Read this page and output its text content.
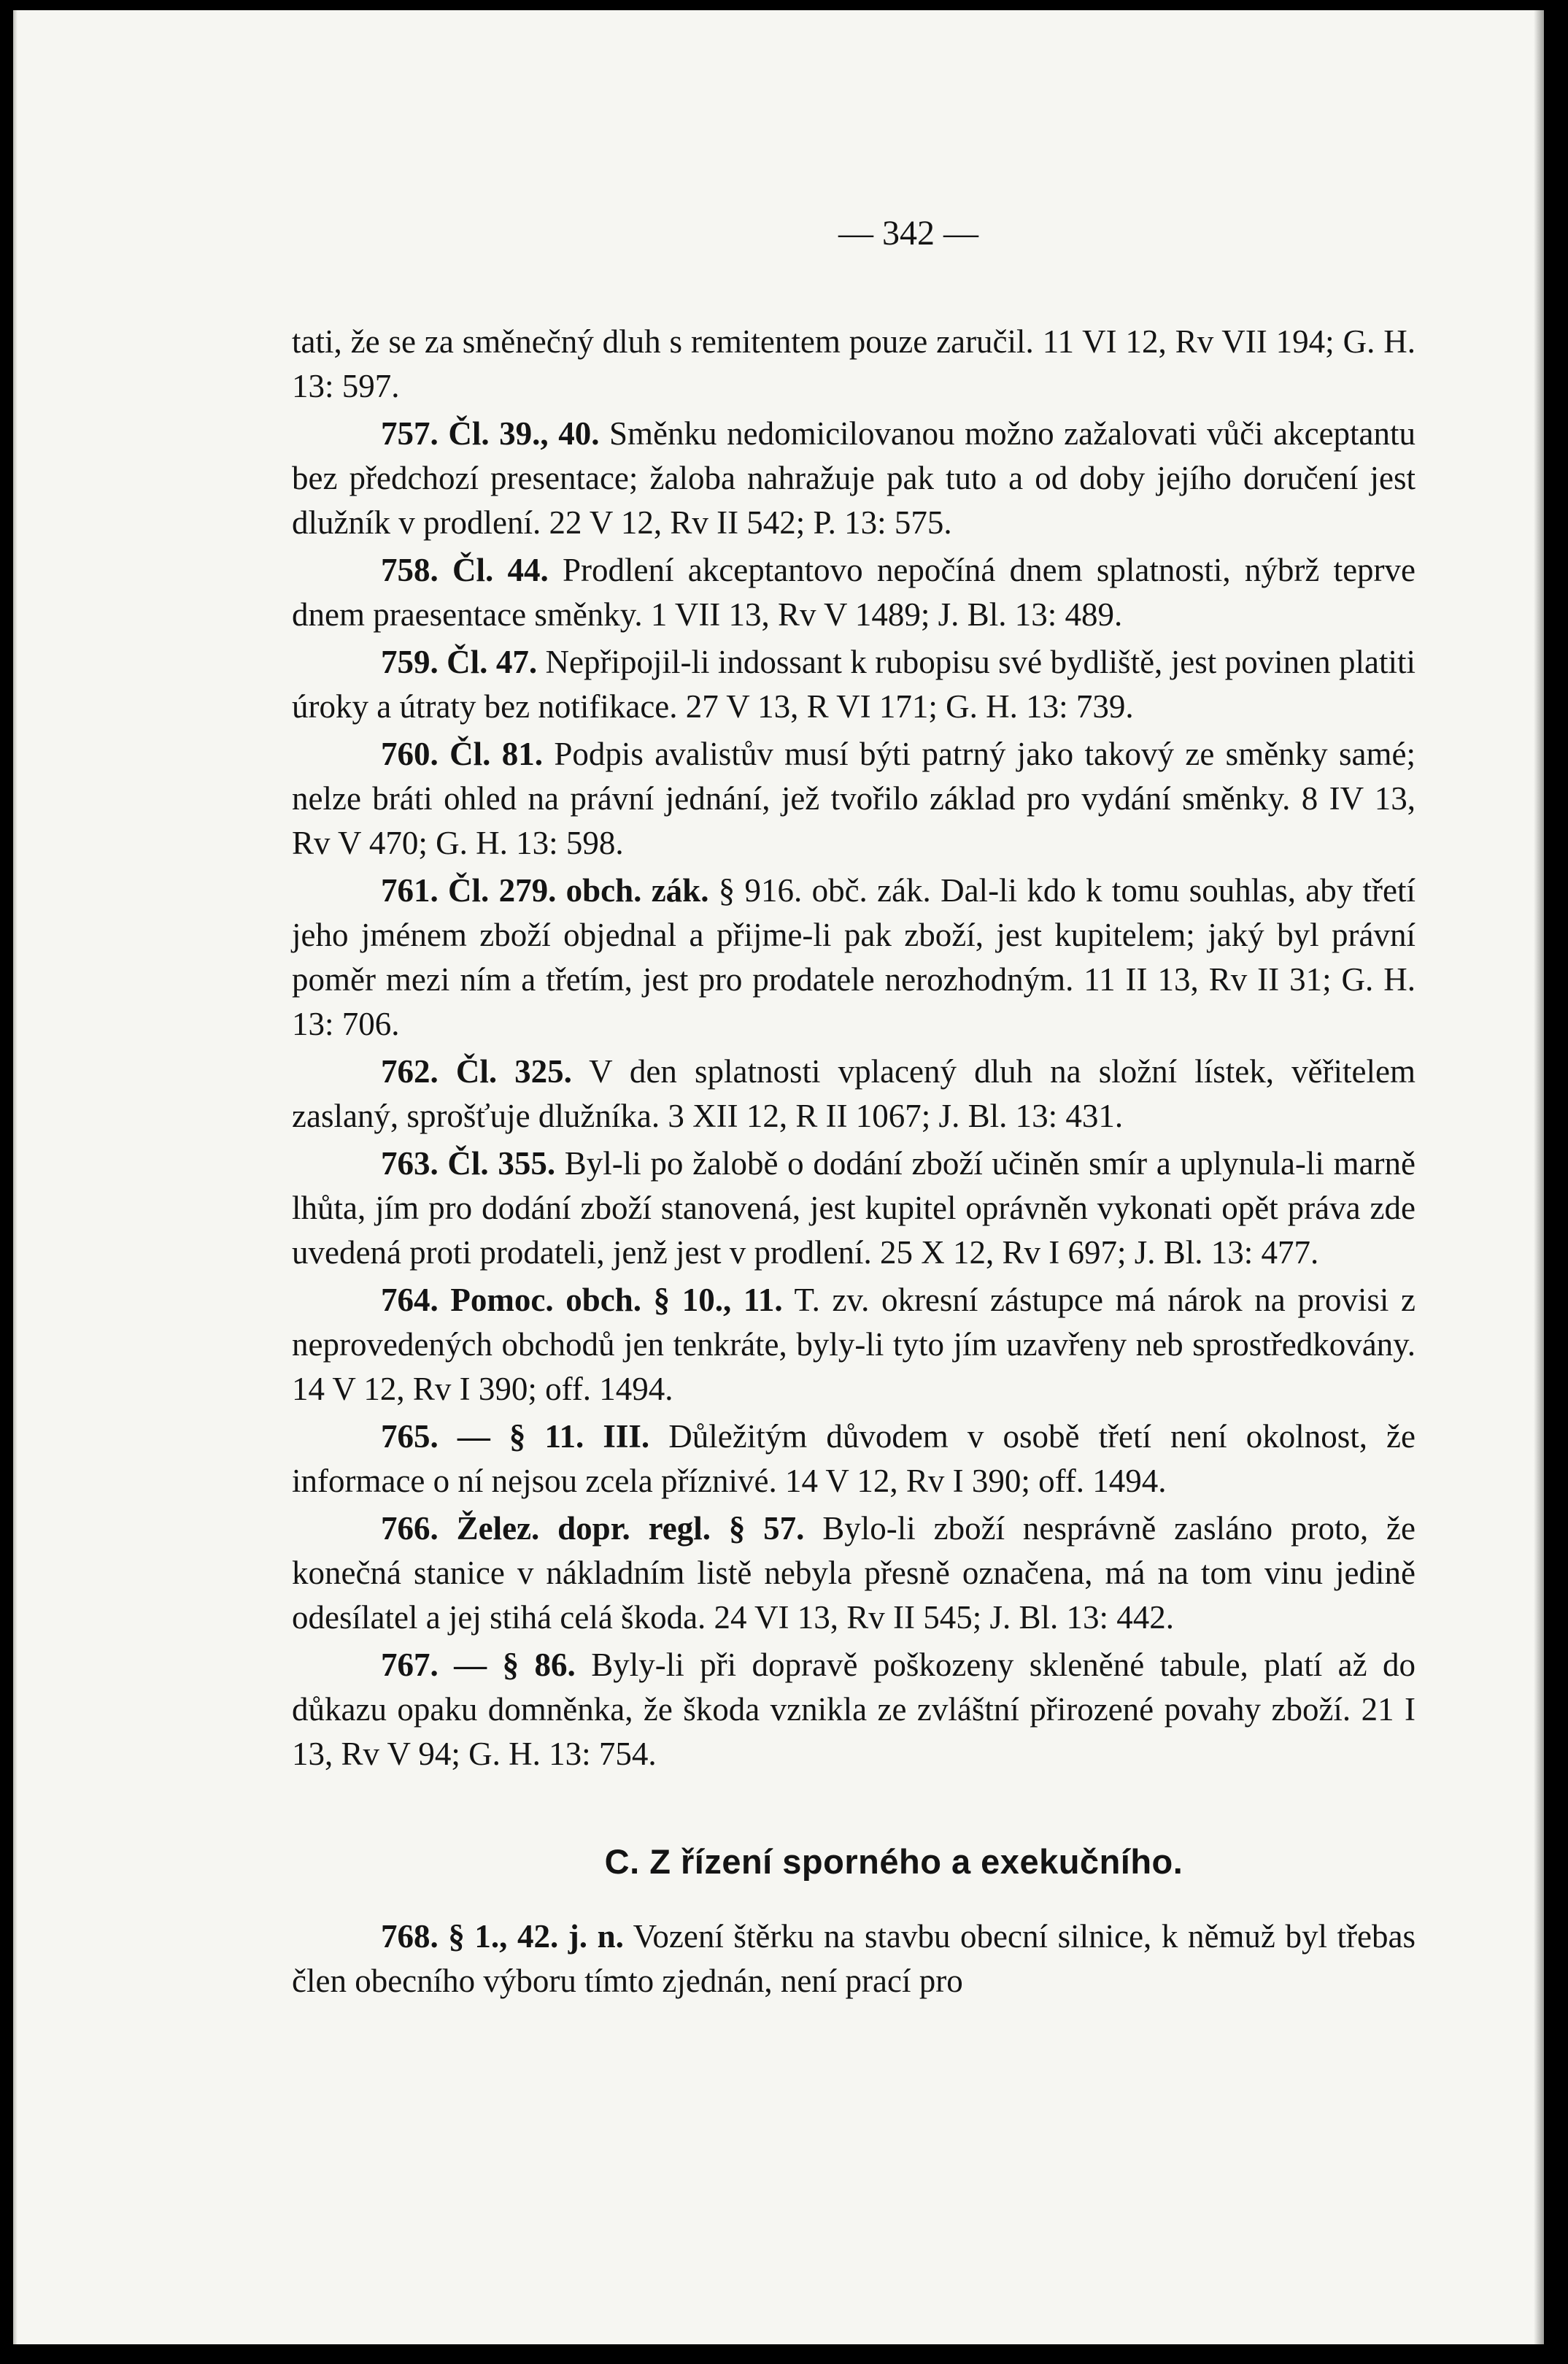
— 342 —

tati, že se za směnečný dluh s remitentem pouze zaručil. 11 VI 12, Rv VII 194; G. H. 13: 597.

757. Čl. 39., 40. Směnku nedomicilovanou možno zažalovati vůči akceptantu bez předchozí presentace; žaloba nahražuje pak tuto a od doby jejího doručení jest dlužník v prodlení. 22 V 12, Rv II 542; P. 13: 575.

758. Čl. 44. Prodlení akceptantovo nepočíná dnem splatnosti, nýbrž teprve dnem praesentace směnky. 1 VII 13, Rv V 1489; J. Bl. 13: 489.

759. Čl. 47. Nepřipojil-li indossant k rubopisu své bydliště, jest povinen platiti úroky a útraty bez notifikace. 27 V 13, R VI 171; G. H. 13: 739.

760. Čl. 81. Podpis avalistův musí býti patrný jako takový ze směnky samé; nelze bráti ohled na právní jednání, jež tvořilo základ pro vydání směnky. 8 IV 13, Rv V 470; G. H. 13: 598.

761. Čl. 279. obch. zák. § 916. obč. zák. Dal-li kdo k tomu souhlas, aby třetí jeho jménem zboží objednal a přijme-li pak zboží, jest kupitelem; jaký byl právní poměr mezi ním a třetím, jest pro prodatele nerozhodným. 11 II 13, Rv II 31; G. H. 13: 706.

762. Čl. 325. V den splatnosti vplacený dluh na složní lístek, věřitelem zaslaný, sprošťuje dlužníka. 3 XII 12, R II 1067; J. Bl. 13: 431.

763. Čl. 355. Byl-li po žalobě o dodání zboží učiněn smír a uplynula-li marně lhůta, jím pro dodání zboží stanovená, jest kupitel oprávněn vykonati opět práva zde uvedená proti prodateli, jenž jest v prodlení. 25 X 12, Rv I 697; J. Bl. 13: 477.

764. Pomoc. obch. § 10., 11. T. zv. okresní zástupce má nárok na provisi z neprovedených obchodů jen tenkráte, byly-li tyto jím uzavřeny neb sprostředkovány. 14 V 12, Rv I 390; off. 1494.

765. — § 11. III. Důležitým důvodem v osobě třetí není okolnost, že informace o ní nejsou zcela příznivé. 14 V 12, Rv I 390; off. 1494.

766. Želez. dopr. regl. § 57. Bylo-li zboží nesprávně zasláno proto, že konečná stanice v nákladním listě nebyla přesně označena, má na tom vinu jedině odesílatel a jej stihá celá škoda. 24 VI 13, Rv II 545; J. Bl. 13: 442.

767. — § 86. Byly-li při dopravě poškozeny skleněné tabule, platí až do důkazu opaku domněnka, že škoda vznikla ze zvláštní přirozené povahy zboží. 21 I 13, Rv V 94; G. H. 13: 754.

C. Z řízení sporného a exekučního.

768. § 1., 42. j. n. Vození štěrku na stavbu obecní silnice, k němuž byl třebas člen obecního výboru tímto zjednán, není prací pro
